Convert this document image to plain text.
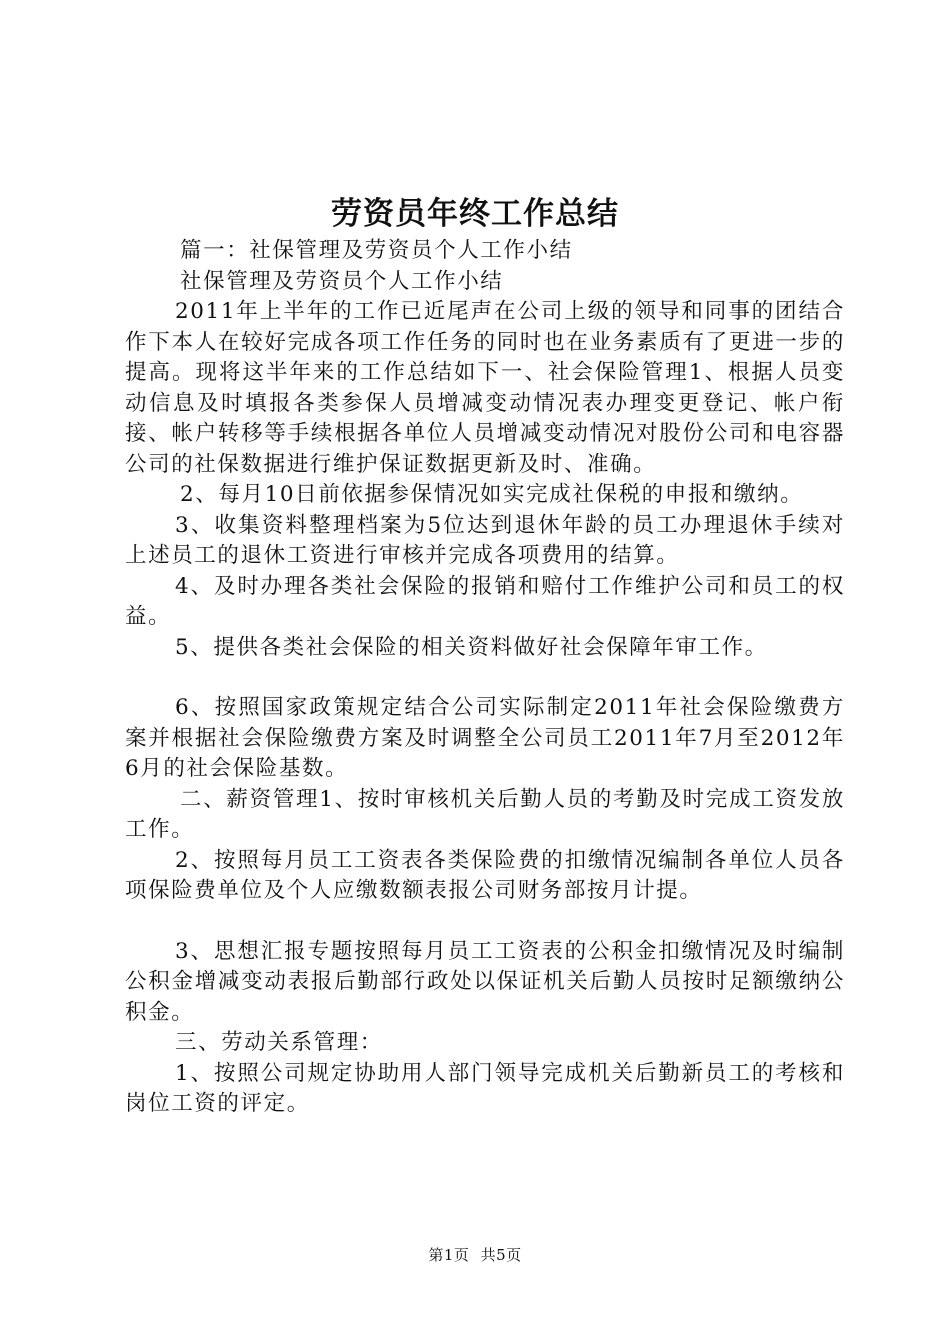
劳资员年终工作总结

篇一：社保管理及劳资员个人工作小结

社保管理及劳资员个人工作小结

2011年上半年的工作已近尾声在公司上级的领导和同事的团结合作下本人在较好完成各项工作任务的同时也在业务素质有了更进一步的提高。现将这半年来的工作总结如下一、社会保险管理1、根据人员变动信息及时填报各类参保人员增减变动情况表办理变更登记、帐户衔接、帐户转移等手续根据各单位人员增减变动情况对股份公司和电容器公司的社保数据进行维护保证数据更新及时、准确。

2、每月10日前依据参保情况如实完成社保税的申报和缴纳。

3、收集资料整理档案为5位达到退休年龄的员工办理退休手续对上述员工的退休工资进行审核并完成各项费用的结算。

4、及时办理各类社会保险的报销和赔付工作维护公司和员工的权益。

5、提供各类社会保险的相关资料做好社会保障年审工作。

6、按照国家政策规定结合公司实际制定2011年社会保险缴费方案并根据社会保险缴费方案及时调整全公司员工2011年7月至2012年6月的社会保险基数。

二、薪资管理1、按时审核机关后勤人员的考勤及时完成工资发放工作。

2、按照每月员工工资表各类保险费的扣缴情况编制各单位人员各项保险费单位及个人应缴数额表报公司财务部按月计提。

3、思想汇报专题按照每月员工工资表的公积金扣缴情况及时编制公积金增减变动表报后勤部行政处以保证机关后勤人员按时足额缴纳公积金。

三、劳动关系管理：

1、按照公司规定协助用人部门领导完成机关后勤新员工的考核和岗位工资的评定。

第1页 共5页
